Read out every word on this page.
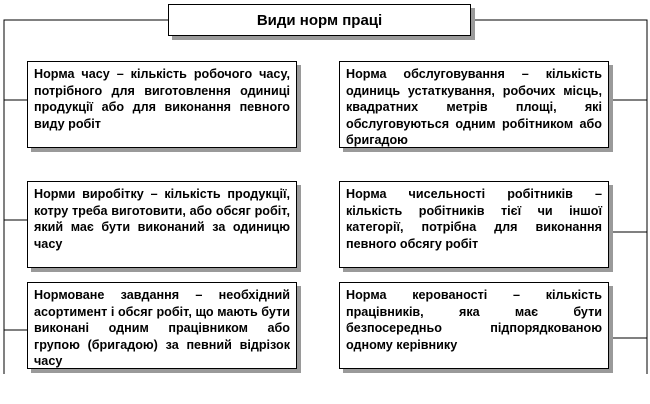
Види норм праці
Норма часу – кількість робочого часу, потрібного для виготовлення одиниці продукції або для виконання певного виду робіт
Норми виробітку – кількість продукції, котру треба виготовити, або обсяг робіт, який має бути виконаний за одиницю часу
Нормоване завдання – необхідний асортимент і обсяг робіт, що мають бути виконані одним працівником або групою (бригадою) за певний відрізок часу
Норма обслуговування – кількість одиниць устаткування, робочих місць, квадратних метрів площі, які обслуговуються одним робітником або бригадою
Норма чисельності робітників – кількість робітників тієї чи іншої категорії, потрібна для виконання певного обсягу робіт
Норма керованості – кількість працівників, яка має бути безпосередньо підпорядкованою одному керівнику
